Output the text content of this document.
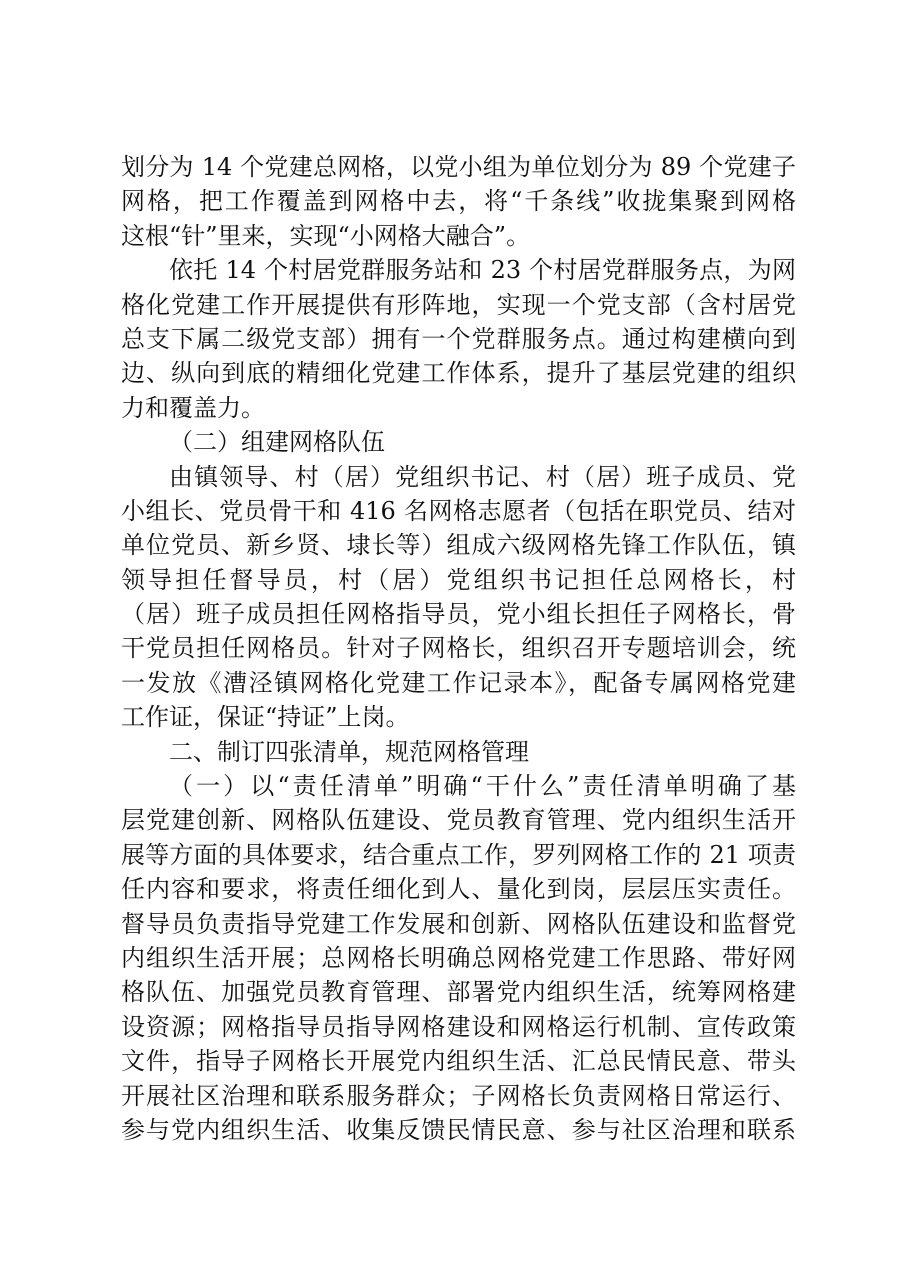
划分为 14 个党建总网格，以党小组为单位划分为 89 个党建子
网格，把工作覆盖到网格中去，将“千条线”收拢集聚到网格
这根“针”里来，实现“小网格大融合”。
依托 14 个村居党群服务站和 23 个村居党群服务点，为网
格化党建工作开展提供有形阵地，实现一个党支部（含村居党
总支下属二级党支部）拥有一个党群服务点。通过构建横向到
边、纵向到底的精细化党建工作体系，提升了基层党建的组织
力和覆盖力。
（二）组建网格队伍
由镇领导、村（居）党组织书记、村（居）班子成员、党
小组长、党员骨干和 416 名网格志愿者（包括在职党员、结对
单位党员、新乡贤、埭长等）组成六级网格先锋工作队伍，镇
领导担任督导员，村（居）党组织书记担任总网格长，村
（居）班子成员担任网格指导员，党小组长担任子网格长，骨
干党员担任网格员。针对子网格长，组织召开专题培训会，统
一发放《漕泾镇网格化党建工作记录本》，配备专属网格党建
工作证，保证“持证”上岗。
二、制订四张清单，规范网格管理
（一）以“责任清单”明确“干什么”责任清单明确了基
层党建创新、网格队伍建设、党员教育管理、党内组织生活开
展等方面的具体要求，结合重点工作，罗列网格工作的 21 项责
任内容和要求，将责任细化到人、量化到岗，层层压实责任。
督导员负责指导党建工作发展和创新、网格队伍建设和监督党
内组织生活开展；总网格长明确总网格党建工作思路、带好网
格队伍、加强党员教育管理、部署党内组织生活，统筹网格建
设资源；网格指导员指导网格建设和网格运行机制、宣传政策
文件，指导子网格长开展党内组织生活、汇总民情民意、带头
开展社区治理和联系服务群众；子网格长负责网格日常运行、
参与党内组织生活、收集反馈民情民意、参与社区治理和联系
